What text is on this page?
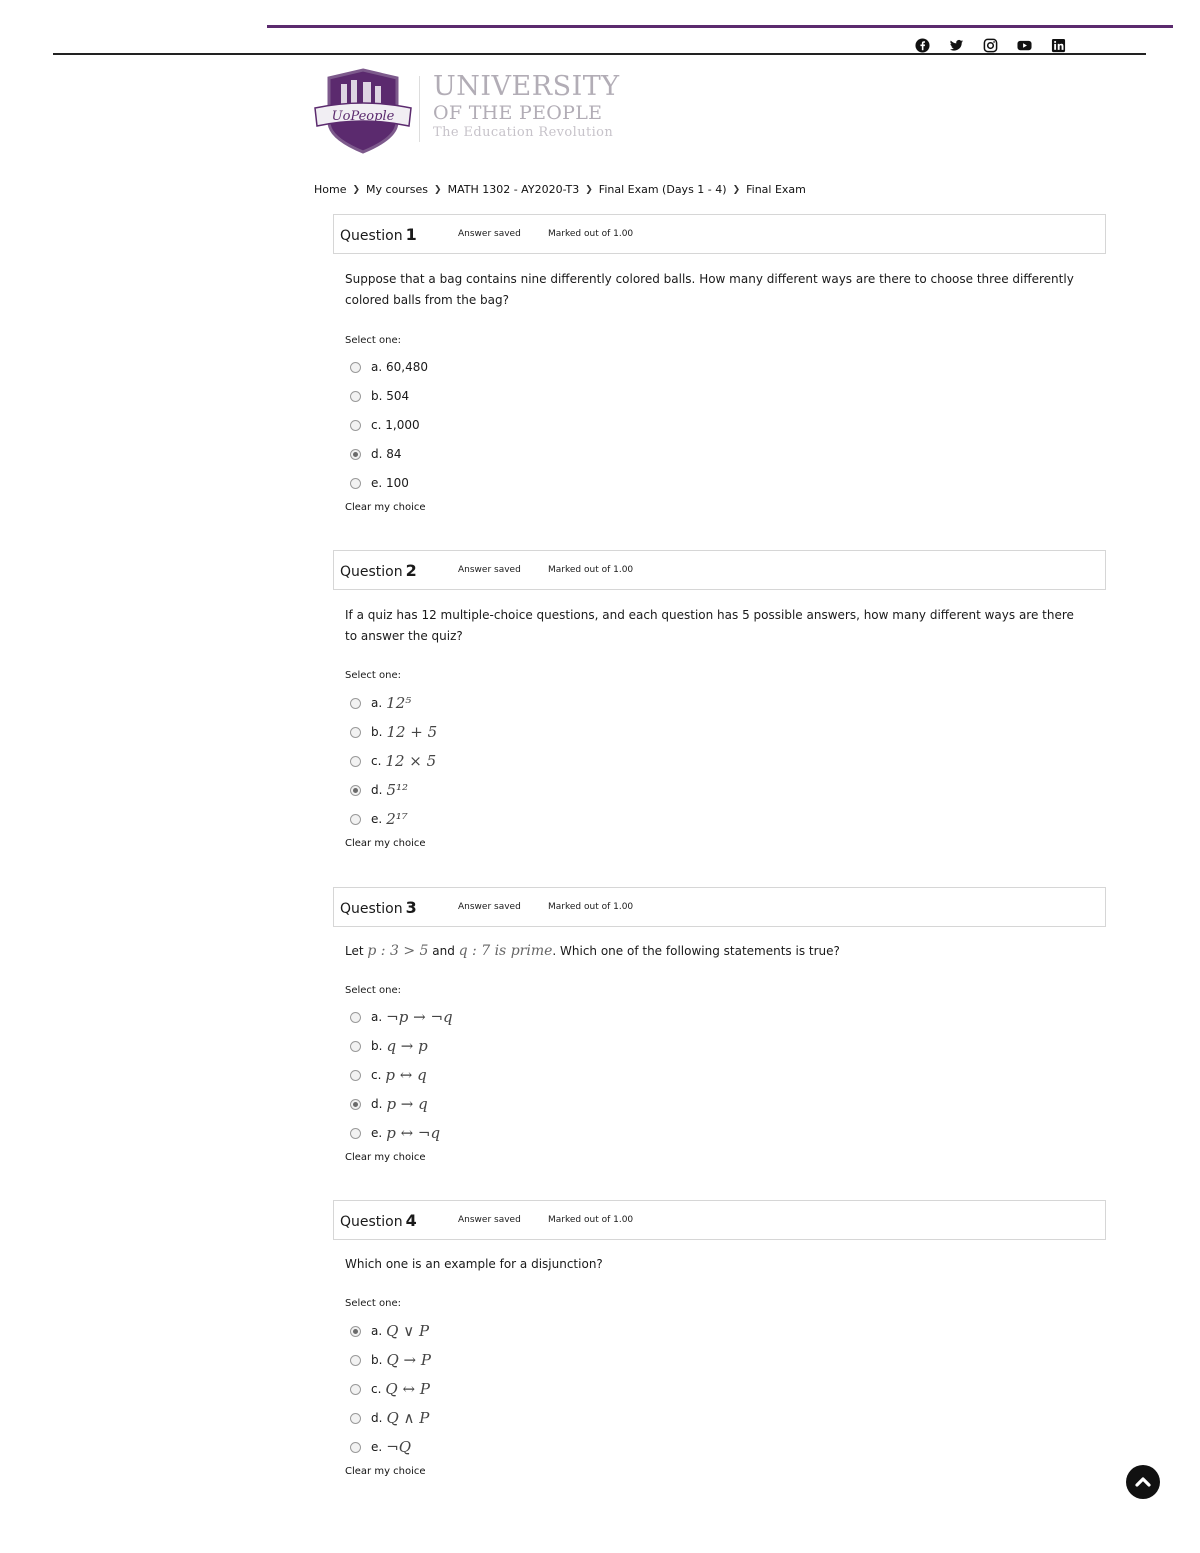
UoPeople
UNIVERSITY
OF THE PEOPLE
The Education Revolution
Home ❯ My courses ❯ MATH 1302 - AY2020-T3 ❯ Final Exam (Days 1 - 4) ❯ Final Exam
Question 1	Answer saved	Marked out of 1.00
Suppose that a bag contains nine differently colored balls. How many different ways are there to choose three differently colored balls from the bag?
Select one:
a.
60,480
b.
504
c.
1,000
d.
84
e.
100
Clear my choice
Question 2	Answer saved	Marked out of 1.00
If a quiz has 12 multiple-choice questions, and each question has 5 possible answers, how many different ways are there to answer the quiz?
Select one:
a. 12⁵
b. 12 + 5
c. 12 × 5
d. 5¹²
e. 2¹⁷
Clear my choice
Question 3	Answer saved	Marked out of 1.00
Let p : 3 > 5 and q : 7 is prime. Which one of the following statements is true?
Select one:
a. ¬p → ¬q
b. q → p
c. p ↔ q
d. p → q
e. p ↔ ¬q
Clear my choice
Question 4	Answer saved	Marked out of 1.00
Which one is an example for a disjunction?
Select one:
a. Q ∨ P
b. Q → P
c. Q ↔ P
d. Q ∧ P
e. ¬Q
Clear my choice
